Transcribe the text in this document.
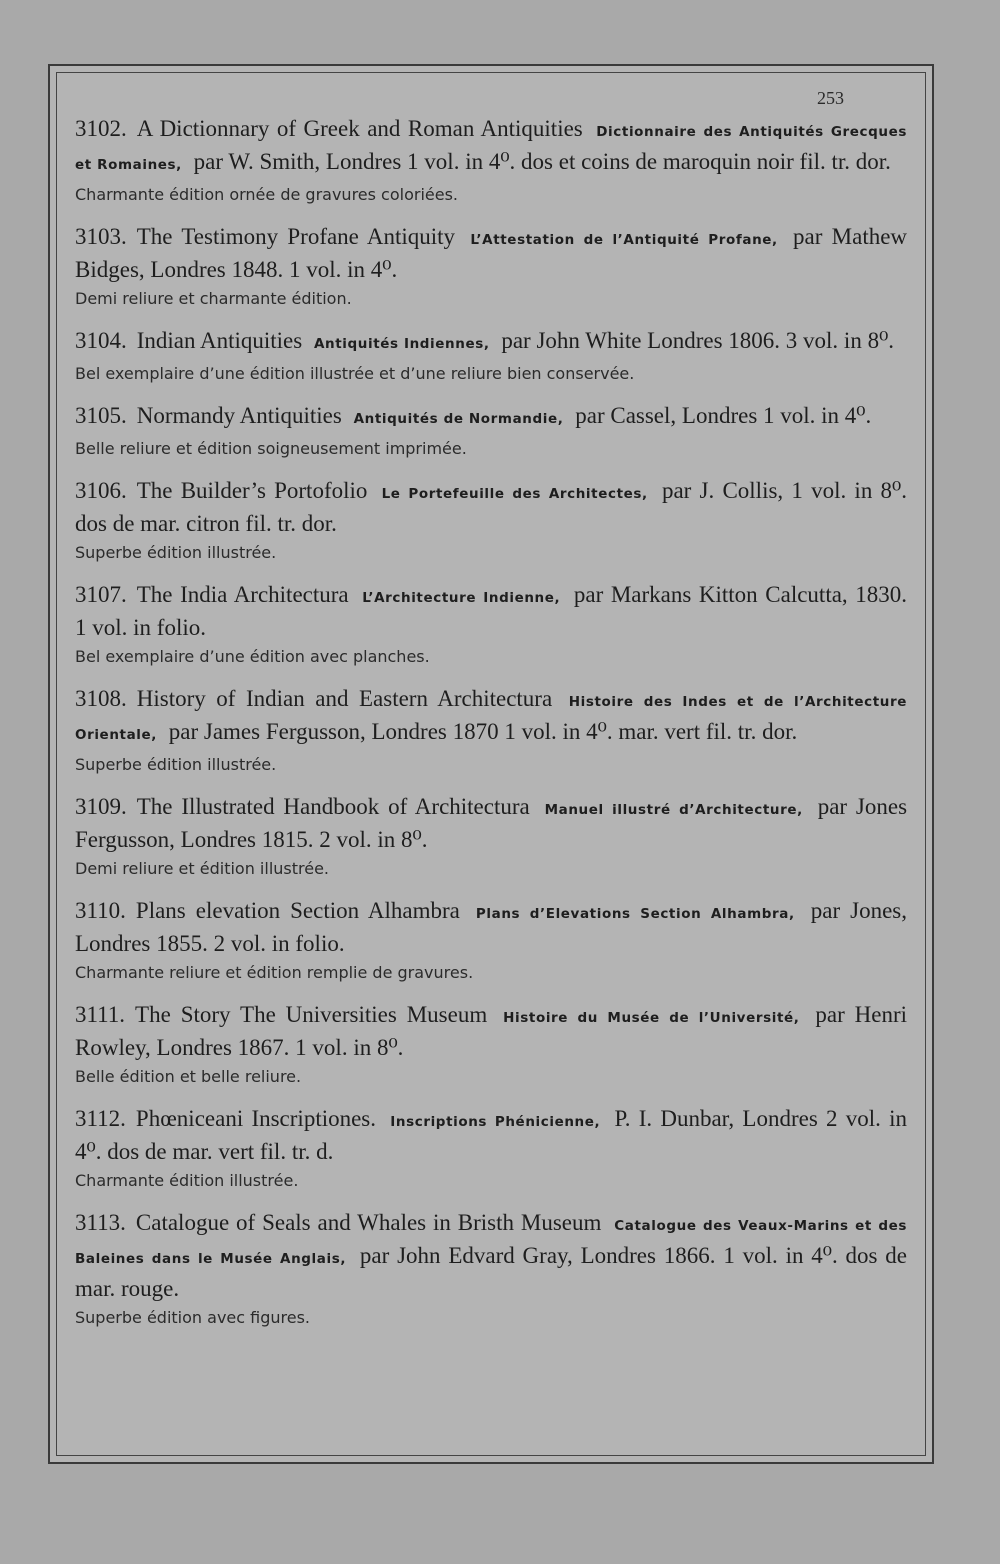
253
3102. A Dictionnary of Greek and Roman Antiquities Dictionnaire des Antiquités Grecques et Romaines, par W. Smith, Londres 1 vol. in 4⁰. dos et coins de maroquin noir fil. tr. dor.
Charmante édition ornée de gravures coloriées.
3103. The Testimony Profane Antiquity L’Attestation de l’Antiquité Profane, par Mathew Bidges, Londres 1848. 1 vol. in 4⁰.
Demi reliure et charmante édition.
3104. Indian Antiquities Antiquités Indiennes, par John White Londres 1806. 3 vol. in 8⁰.
Bel exemplaire d’une édition illustrée et d’une reliure bien conservée.
3105. Normandy Antiquities Antiquités de Normandie, par Cassel, Londres 1 vol. in 4⁰.
Belle reliure et édition soigneusement imprimée.
3106. The Builder’s Portofolio Le Portefeuille des Architectes, par J. Collis, 1 vol. in 8⁰. dos de mar. citron fil. tr. dor.
Superbe édition illustrée.
3107. The India Architectura L’Architecture Indienne, par Markans Kitton Calcutta, 1830. 1 vol. in folio.
Bel exemplaire d’une édition avec planches.
3108. History of Indian and Eastern Architectura Histoire des Indes et de l’Architecture Orientale, par James Fergusson, Londres 1870 1 vol. in 4⁰. mar. vert fil. tr. dor.
Superbe édition illustrée.
3109. The Illustrated Handbook of Architectura Manuel illustré d’Architecture, par Jones Fergusson, Londres 1815. 2 vol. in 8⁰.
Demi reliure et édition illustrée.
3110. Plans elevation Section Alhambra Plans d’Elevations Section Alhambra, par Jones, Londres 1855. 2 vol. in folio.
Charmante reliure et édition remplie de gravures.
3111. The Story The Universities Museum Histoire du Musée de l’Université, par Henri Rowley, Londres 1867. 1 vol. in 8⁰.
Belle édition et belle reliure.
3112. Phœniceani Inscriptiones. Inscriptions Phénicienne, P. I. Dunbar, Londres 2 vol. in 4⁰. dos de mar. vert fil. tr. d.
Charmante édition illustrée.
3113. Catalogue of Seals and Whales in Bristh Museum Catalogue des Veaux-Marins et des Baleines dans le Musée Anglais, par John Edvard Gray, Londres 1866. 1 vol. in 4⁰. dos de mar. rouge.
Superbe édition avec figures.
